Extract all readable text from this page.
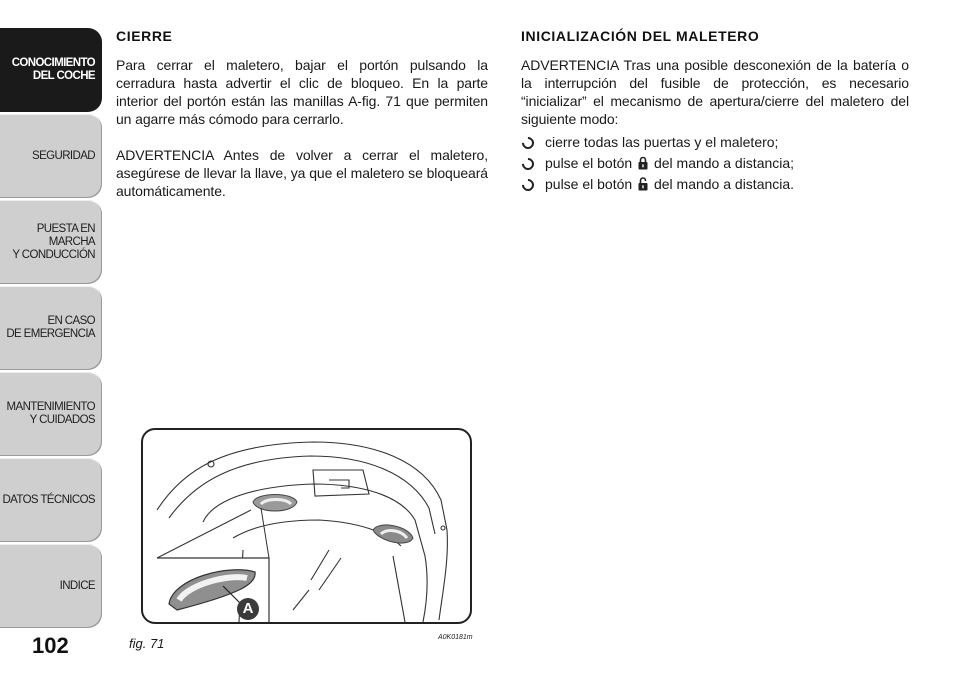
CONOCIMIENTO
DEL COCHE
SEGURIDAD
PUESTA EN MARCHA
Y CONDUCCIÓN
EN CASO
DE EMERGENCIA
MANTENIMIENTO
Y CUIDADOS
DATOS TÉCNICOS
INDICE
102
CIERRE

Para cerrar el maletero, bajar el portón pulsando la cerradura hasta advertir el clic de bloqueo. En la parte interior del portón están las manillas A-fig. 71 que permiten un agarre más cómodo para cerrarlo.

ADVERTENCIA Antes de volver a cerrar el maletero, asegúrese de llevar la llave, ya que el maletero se bloqueará automáticamente.

INICIALIZACIÓN DEL MALETERO

ADVERTENCIA Tras una posible desconexión de la batería o la interrupción del fusible de protección, es necesario “inicializar” el mecanismo de apertura/cierre del maletero del siguiente modo:

cierre todas las puertas y el maletero;
pulse el botón del mando a distancia;
pulse el botón del mando a distancia.
A
fig. 71	A0K0181m
